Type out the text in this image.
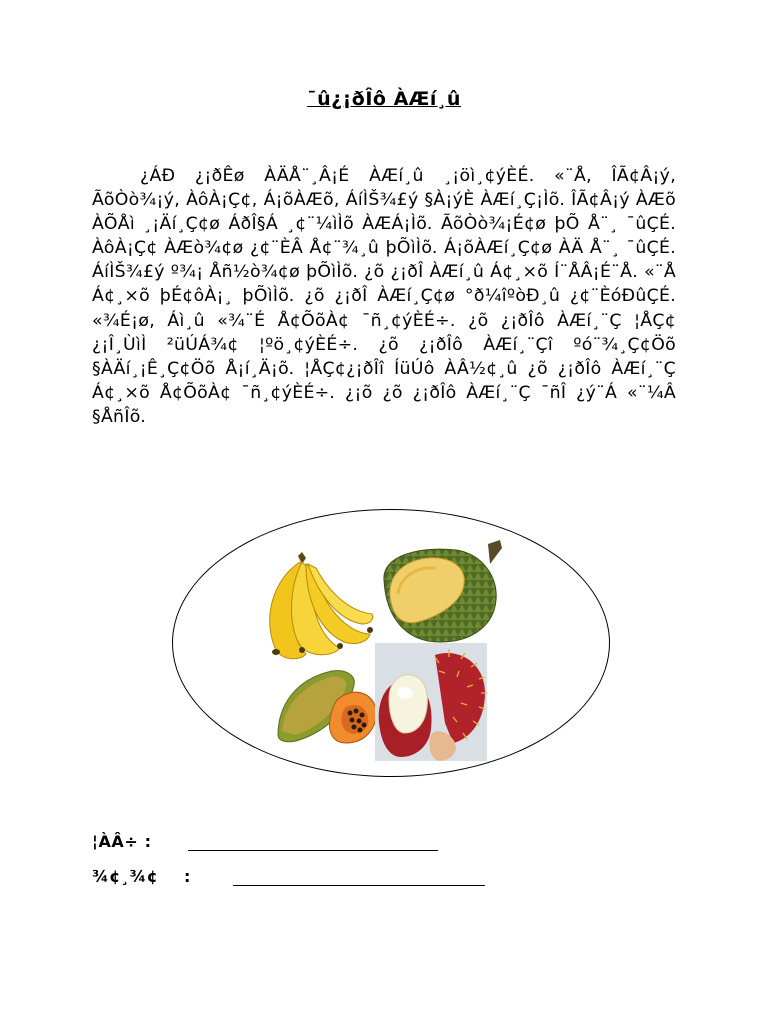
¯û¿¡ðÎô ÀÆí¸û

¿ÁÐ ¿¡ðÊø ÀÄÅ¨¸Â¡É ÀÆí¸û ¸¡öì¸¢ýÈÉ. «¨Å, ÎÃ¢Â¡ý, ÃõÒò¾¡ý, ÀôÀ¡Ç¢, Á¡õÀÆõ, ÁíÌŠ¾£ý §À¡ýÈ ÀÆí¸Ç¡Ìõ. ÎÃ¢Â¡ý ÀÆõ ÀÕÅì ¸¡Äí¸Ç¢ø ÁðÎ§Á ¸¢¨¼ìÌõ ÀÆÁ¡Ìõ. ÃõÒò¾¡É¢ø þÕ Å¨¸ ¯ûÇÉ. ÀôÀ¡Ç¢ ÀÆò¾¢ø ¿¢¨ÈÂ Å¢¨¾¸û þÕìÌõ. Á¡õÀÆí¸Ç¢ø ÀÄ Å¨¸ ¯ûÇÉ. ÁíÌŠ¾£ý º¾¡ Åñ½ò¾¢ø þÕìÌõ. ¿õ ¿¡ðÎ ÀÆí¸û Á¢¸×õ Í¨ÅÂ¡É¨Å. «¨Å Á¢¸×õ þÉ¢ôÀ¡¸ þÕìÌõ. ¿õ ¿¡ðÎ ÀÆí¸Ç¢ø °ð¼îºòÐ¸û ¿¢¨ÈóÐûÇÉ. «¾É¡ø, Áì¸û «¾¨É Å¢ÕõÀ¢ ¯ñ¸¢ýÈÉ÷. ¿õ ¿¡ðÎô ÀÆí¸¨Ç ¦ÅÇ¢¿¡Î¸ÙìÌ ²üÚÁ¾¢ ¦ºö¸¢ýÈÉ÷. ¿õ ¿¡ðÎô ÀÆí¸¨Çî ºó¨¾¸Ç¢Öõ §ÀÄí¸¡Ê¸Ç¢Öõ Å¡í¸Ä¡õ. ¦ÅÇ¢¿¡ðÎî ÍüÚô ÀÂ½¢¸û ¿õ ¿¡ðÎô ÀÆí¸¨Ç Á¢¸×õ Å¢ÕõÀ¢ ¯ñ¸¢ýÈÉ÷. ¿¡õ ¿õ ¿¡ðÎô ÀÆí¸¨Ç ¯ñÎ ¿ý¨Á «¨¼Â §ÅñÎõ.

¦ÀÂ÷ :
¾¢¸¾¢ :
